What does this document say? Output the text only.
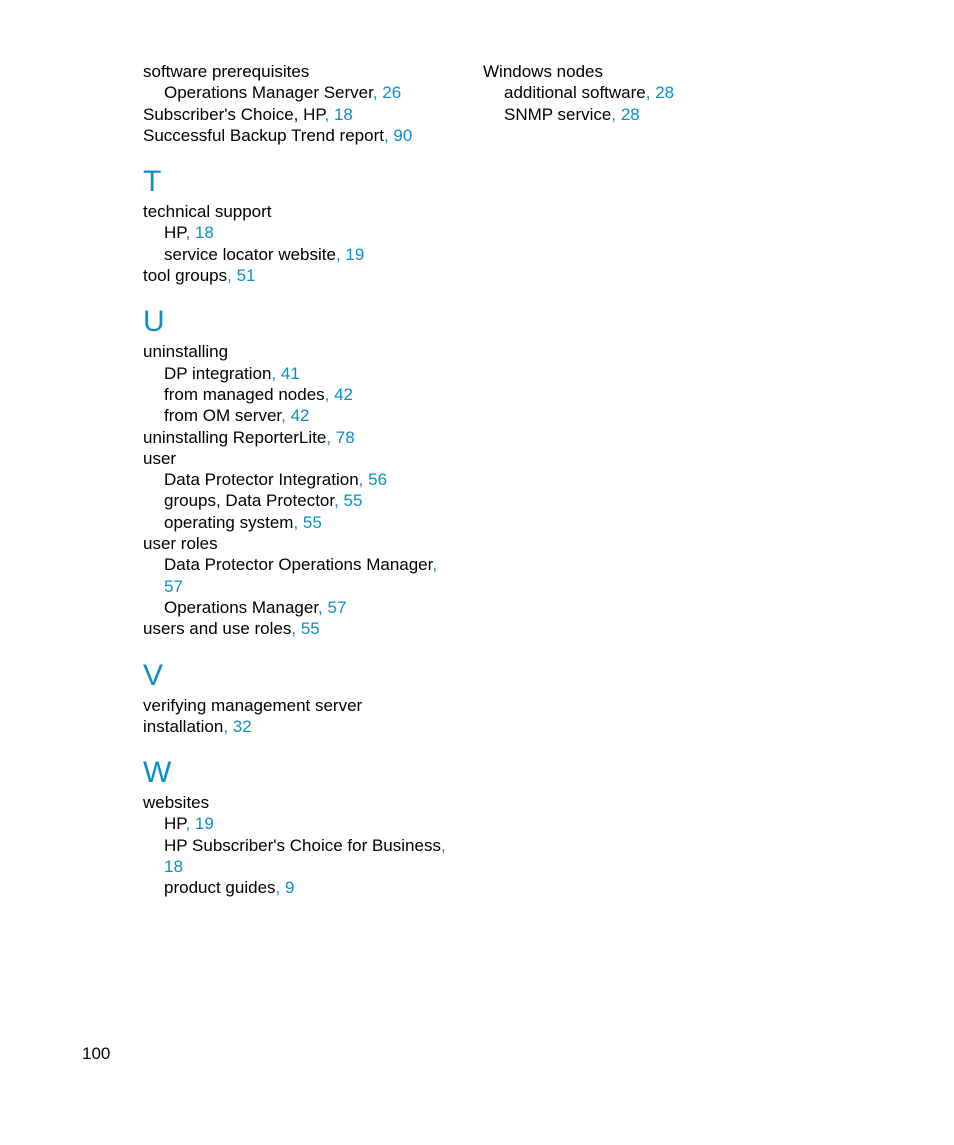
software prerequisites
Operations Manager Server, 26
Subscriber's Choice, HP, 18
Successful Backup Trend report, 90
T
technical support
HP, 18
service locator website, 19
tool groups, 51
U
uninstalling
DP integration, 41
from managed nodes, 42
from OM server, 42
uninstalling ReporterLite, 78
user
Data Protector Integration, 56
groups, Data Protector, 55
operating system, 55
user roles
Data Protector Operations Manager,
57
Operations Manager, 57
users and use roles, 55
V
verifying management server
installation, 32
W
websites
HP, 19
HP Subscriber's Choice for Business,
18
product guides, 9
Windows nodes
additional software, 28
SNMP service, 28
100
